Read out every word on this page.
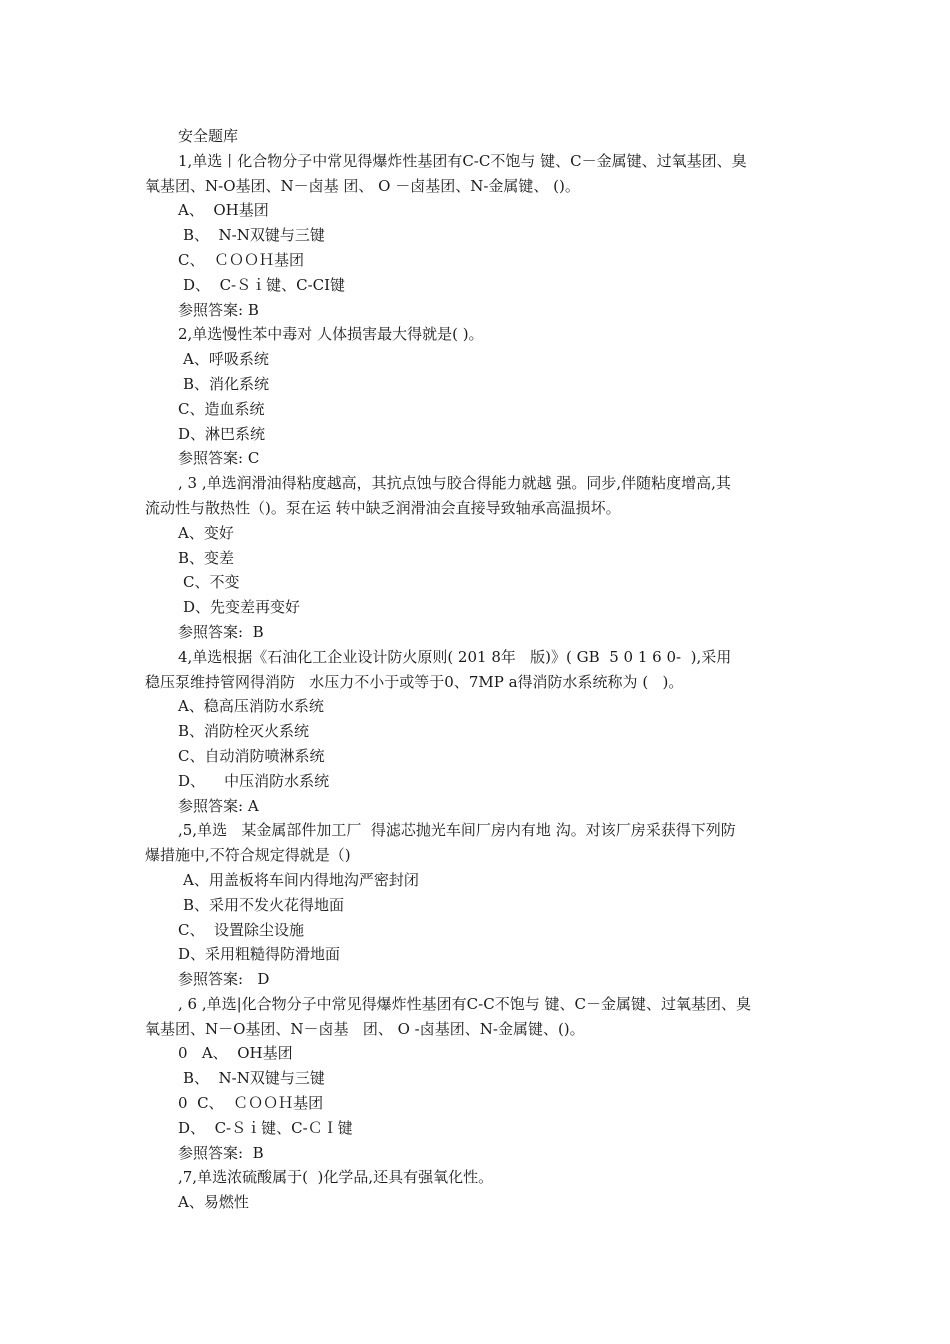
安全题库
1,单选丨化合物分子中常见得爆炸性基团有C-C不饱与 键、C－金属键、过氧基团、臭
氧基团、N-O基团、N－卤基 团、 O －卤基团、N-金属键、 ()。
A、  OH基团
B、  N-N双键与三键
C、  ＣＯＯＨ基团
D、  C-Ｓｉ键、C-CI键
参照答案: B
2,单选慢性苯中毒对 人体损害最大得就是( )。
A、呼吸系统
B、消化系统
C、造血系统
D、淋巴系统
参照答案: C
, 3 ,单选润滑油得粘度越高，其抗点蚀与胶合得能力就越 强。同步,伴随粘度增高,其
流动性与散热性（)。泵在运 转中缺乏润滑油会直接导致轴承高温损坏。
A、变好
B、变差
C、不变
D、先变差再变好
参照答案:  B
4,单选根据《石油化工企业设计防火原则( 201 8年   版)》( GB  5 0 1 6 0-  ),采用
稳压泵维持管网得消防   水压力不小于或等于0、7MP a得消防水系统称为 (   )。
A、稳高压消防水系统
B、消防栓灭火系统
C、自动消防喷淋系统
D、    中压消防水系统
参照答案: A
,5,单选   某金属部件加工厂  得滤芯抛光车间厂房内有地 沟。对该厂房采获得下列防
爆措施中,不符合规定得就是（)
A、用盖板将车间内得地沟严密封闭
B、采用不发火花得地面
C、  设置除尘设施
D、采用粗糙得防滑地面
参照答案:   D
, 6 ,单选|化合物分子中常见得爆炸性基团有C-C不饱与 键、C－金属键、过氧基团、臭
氧基团、N－O基团、N－卤基   团、 O -卤基团、N-金属键、()。
0   A、  OH基团
B、  N-N双键与三键
0  C、  ＣＯＯＨ基团
D、  C-Ｓｉ键、C-ＣＩ键
参照答案:  B
,7,单选浓硫酸属于(  )化学品,还具有强氧化性。
A、易燃性
